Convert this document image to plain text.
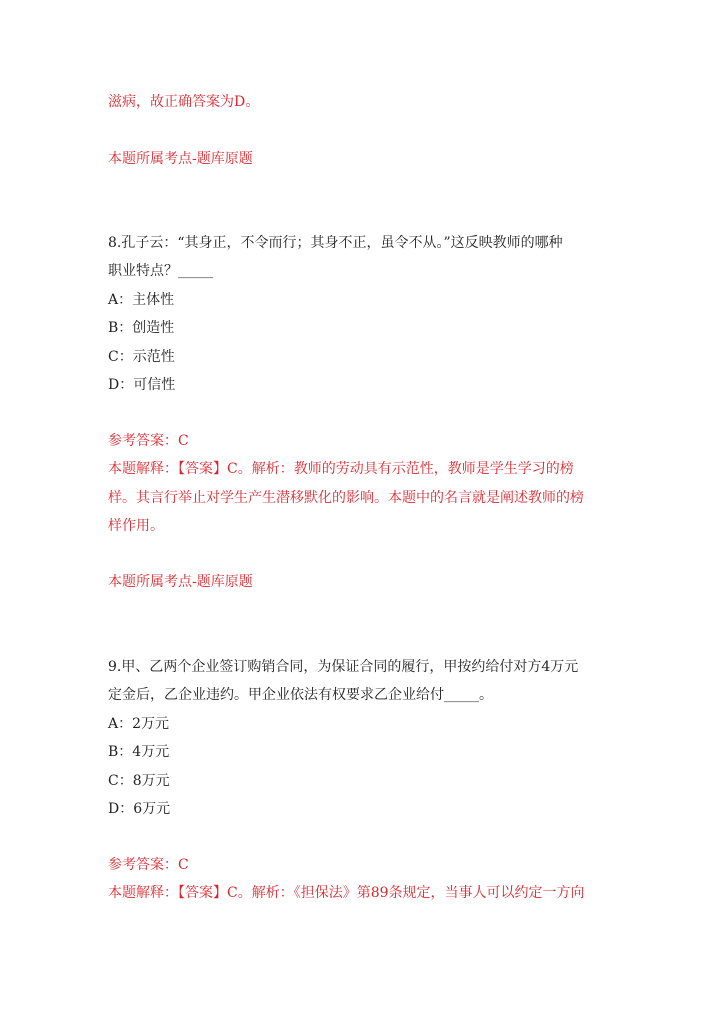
滋病，故正确答案为D。
本题所属考点-题库原题
8.孔子云：“其身正，不令而行；其身不正，虽令不从。”这反映教师的哪种
职业特点？_____
A：主体性
B：创造性
C：示范性
D：可信性
参考答案：C
本题解释：【答案】C。解析：教师的劳动具有示范性，教师是学生学习的榜
样。其言行举止对学生产生潜移默化的影响。本题中的名言就是阐述教师的榜
样作用。
本题所属考点-题库原题
9.甲、乙两个企业签订购销合同，为保证合同的履行，甲按约给付对方4万元
定金后，乙企业违约。甲企业依法有权要求乙企业给付_____。
A：2万元
B：4万元
C：8万元
D：6万元
参考答案：C
本题解释：【答案】C。解析：《担保法》第89条规定，当事人可以约定一方向
